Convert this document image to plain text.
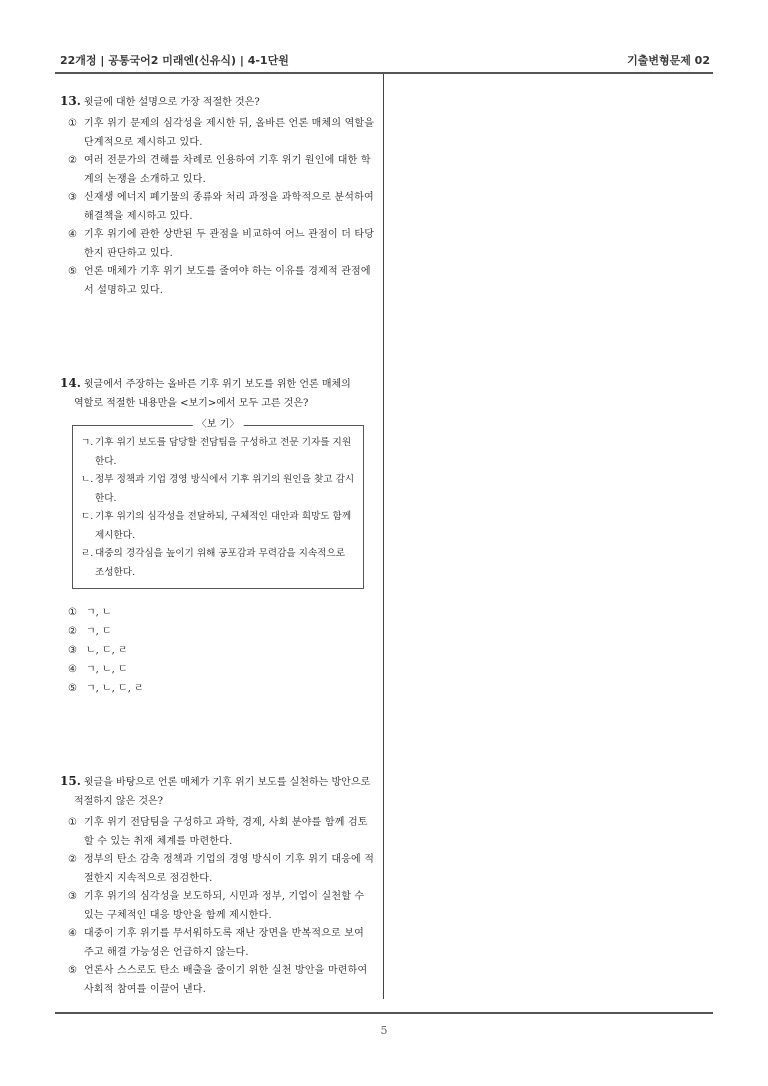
22개정 | 공통국어2 미래엔(신유식) | 4-1단원	기출변형문제 02
13. 윗글에 대한 설명으로 가장 적절한 것은?
① 기후 위기 문제의 심각성을 제시한 뒤, 올바른 언론 매체의 역할을 단계적으로 제시하고 있다.
② 여러 전문가의 견해를 차례로 인용하여 기후 위기 원인에 대한 학계의 논쟁을 소개하고 있다.
③ 신재생 에너지 폐기물의 종류와 처리 과정을 과학적으로 분석하여 해결책을 제시하고 있다.
④ 기후 위기에 관한 상반된 두 관점을 비교하여 어느 관점이 더 타당한지 판단하고 있다.
⑤ 언론 매체가 기후 위기 보도를 줄여야 하는 이유를 경제적 관점에서 설명하고 있다.
14. 윗글에서 주장하는 올바른 기후 위기 보도를 위한 언론 매체의
역할로 적절한 내용만을 <보기>에서 모두 고른 것은?
〈보 기〉
ㄱ. 기후 위기 보도를 담당할 전담팀을 구성하고 전문 기자를 지원한다.
ㄴ. 정부 정책과 기업 경영 방식에서 기후 위기의 원인을 찾고 감시한다.
ㄷ. 기후 위기의 심각성을 전달하되, 구체적인 대안과 희망도 함께 제시한다.
ㄹ. 대중의 경각심을 높이기 위해 공포감과 무력감을 지속적으로 조성한다.
① ㄱ, ㄴ
② ㄱ, ㄷ
③ ㄴ, ㄷ, ㄹ
④ ㄱ, ㄴ, ㄷ
⑤ ㄱ, ㄴ, ㄷ, ㄹ
15. 윗글을 바탕으로 언론 매체가 기후 위기 보도를 실천하는 방안으로
적절하지 않은 것은?
① 기후 위기 전담팀을 구성하고 과학, 경제, 사회 분야를 함께 검토할 수 있는 취재 체계를 마련한다.
② 정부의 탄소 감축 정책과 기업의 경영 방식이 기후 위기 대응에 적절한지 지속적으로 점검한다.
③ 기후 위기의 심각성을 보도하되, 시민과 정부, 기업이 실천할 수 있는 구체적인 대응 방안을 함께 제시한다.
④ 대중이 기후 위기를 무서워하도록 재난 장면을 반복적으로 보여 주고 해결 가능성은 언급하지 않는다.
⑤ 언론사 스스로도 탄소 배출을 줄이기 위한 실천 방안을 마련하여 사회적 참여를 이끌어 낸다.
5
